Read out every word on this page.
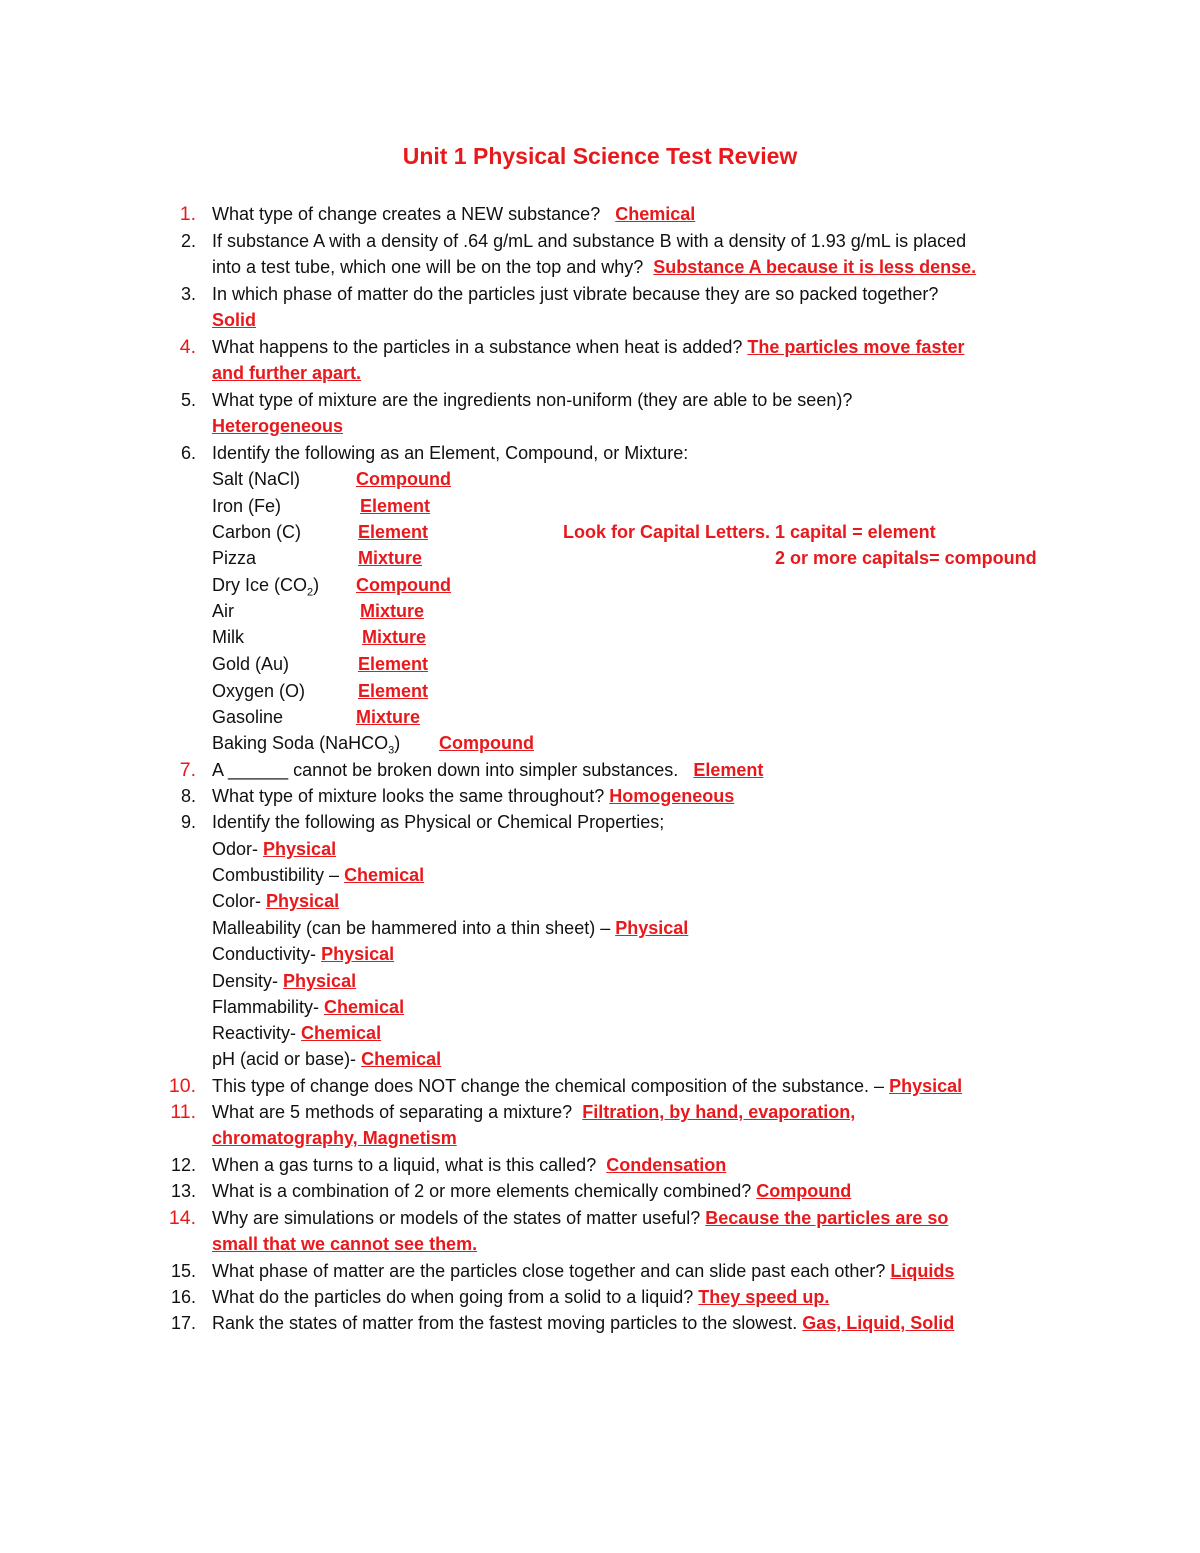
Unit 1 Physical Science Test Review
1. What type of change creates a NEW substance? Chemical
2. If substance A with a density of .64 g/mL and substance B with a density of 1.93 g/mL is placed
into a test tube, which one will be on the top and why? Substance A because it is less dense.
3. In which phase of matter do the particles just vibrate because they are so packed together?
Solid
4. What happens to the particles in a substance when heat is added? The particles move faster
and further apart.
5. What type of mixture are the ingredients non-uniform (they are able to be seen)?
Heterogeneous
6. Identify the following as an Element, Compound, or Mixture:
Salt (NaCl)	Compound
Iron (Fe)	Element
Carbon (C)	Element
Pizza	Mixture
Dry Ice $(CO_2)$ Compound
Air	Mixture
Milk	Mixture
Gold (Au)	Element
Oxygen (O)	Element
Gasoline	Mixture
Baking Soda (NaHCO$_3$) Compound
Look for Capital Letters. 1 capital = element
2 or more capitals= compound
7. A ______ cannot be broken down into simpler substances. Element
8. What type of mixture looks the same throughout? Homogeneous
9. Identify the following as Physical or Chemical Properties;
Odor- Physical
Combustibility – Chemical
Color- Physical
Malleability (can be hammered into a thin sheet) – Physical
Conductivity- Physical
Density- Physical
Flammability- Chemical
Reactivity- Chemical
pH (acid or base)- Chemical
10. This type of change does NOT change the chemical composition of the substance. – Physical
11. What are 5 methods of separating a mixture? Filtration, by hand, evaporation,
chromatography, Magnetism
12. When a gas turns to a liquid, what is this called? Condensation
13. What is a combination of 2 or more elements chemically combined? Compound
14. Why are simulations or models of the states of matter useful? Because the particles are so
small that we cannot see them.
15. What phase of matter are the particles close together and can slide past each other? Liquids
16. What do the particles do when going from a solid to a liquid? They speed up.
17. Rank the states of matter from the fastest moving particles to the slowest. Gas, Liquid, Solid
